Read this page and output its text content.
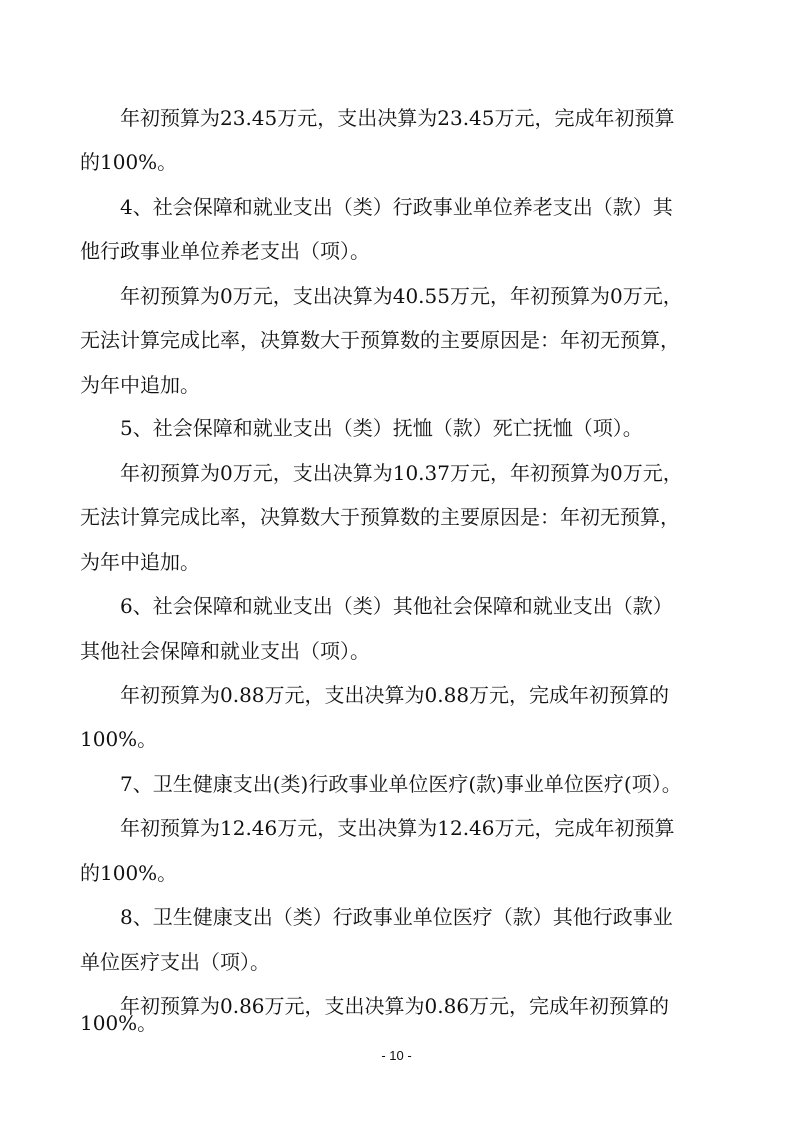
年初预算为23.45万元，支出决算为23.45万元，完成年初预算
的100%。
4、社会保障和就业支出（类）行政事业单位养老支出（款）其
他行政事业单位养老支出（项）。
年初预算为0万元，支出决算为40.55万元，年初预算为0万元，
无法计算完成比率，决算数大于预算数的主要原因是：年初无预算，
为年中追加。
5、社会保障和就业支出（类）抚恤（款）死亡抚恤（项）。
年初预算为0万元，支出决算为10.37万元，年初预算为0万元，
无法计算完成比率，决算数大于预算数的主要原因是：年初无预算，
为年中追加。
6、社会保障和就业支出（类）其他社会保障和就业支出（款）
其他社会保障和就业支出（项）。
年初预算为0.88万元，支出决算为0.88万元，完成年初预算的
100%。
7、卫生健康支出(类)行政事业单位医疗(款)事业单位医疗(项）。
年初预算为12.46万元，支出决算为12.46万元，完成年初预算
的100%。
8、卫生健康支出（类）行政事业单位医疗（款）其他行政事业
单位医疗支出（项）。
年初预算为0.86万元，支出决算为0.86万元，完成年初预算的
- 10 -
100%。
